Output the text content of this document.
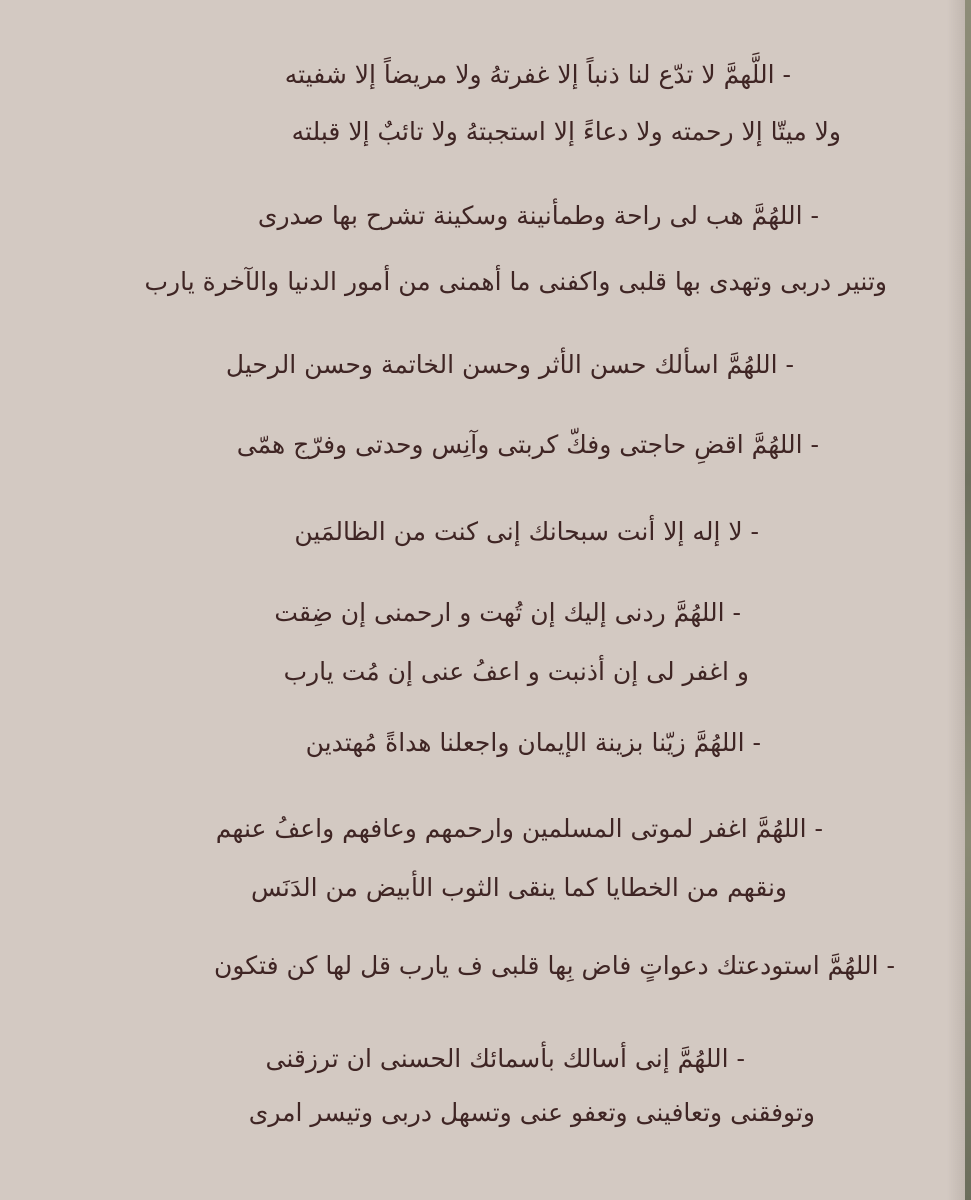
- اللَّهمَّ لا تدّع لنا ذنباً إلا غفرتهُ ولا مريضاً إلا شفيته

ولا ميتّا إلا رحمته ولا دعاءً إلا استجبتهُ ولا تائبٌ إلا قبلته

- اللهُمَّ هب لى راحة وطمأنينة وسكينة تشرح بها صدرى

وتنير دربى وتهدى بها قلبى واكفنى ما أهمنى من أمور الدنيا والآخرة يارب

- اللهُمَّ اسألك حسن الأثر وحسن الخاتمة وحسن الرحيل

- اللهُمَّ اقضِ حاجتى وفكّ كربتى وآنِس وحدتى وفرّج همّى

- لا إله إلا أنت سبحانك إنى كنت من الظالمَين

- اللهُمَّ ردنى إليك إن تُهت و ارحمنى إن ضِقت

و اغفر لى إن أذنبت و اعفُ عنى إن مُت يارب

- اللهُمَّ زيّنا بزينة الإيمان واجعلنا هداةً مُهتدين

- اللهُمَّ اغفر لموتى المسلمين وارحمهم وعافهم واعفُ عنهم

ونقهم من الخطايا كما ينقى الثوب الأبيض من الدَنَس

- اللهُمَّ استودعتك دعواتٍ فاض بِها قلبى ف يارب قل لها كن فتكون

- اللهُمَّ إنى أسالك بأسمائك الحسنى ان ترزقنى

وتوفقنى وتعافينى وتعفو عنى وتسهل دربى وتيسر امرى
